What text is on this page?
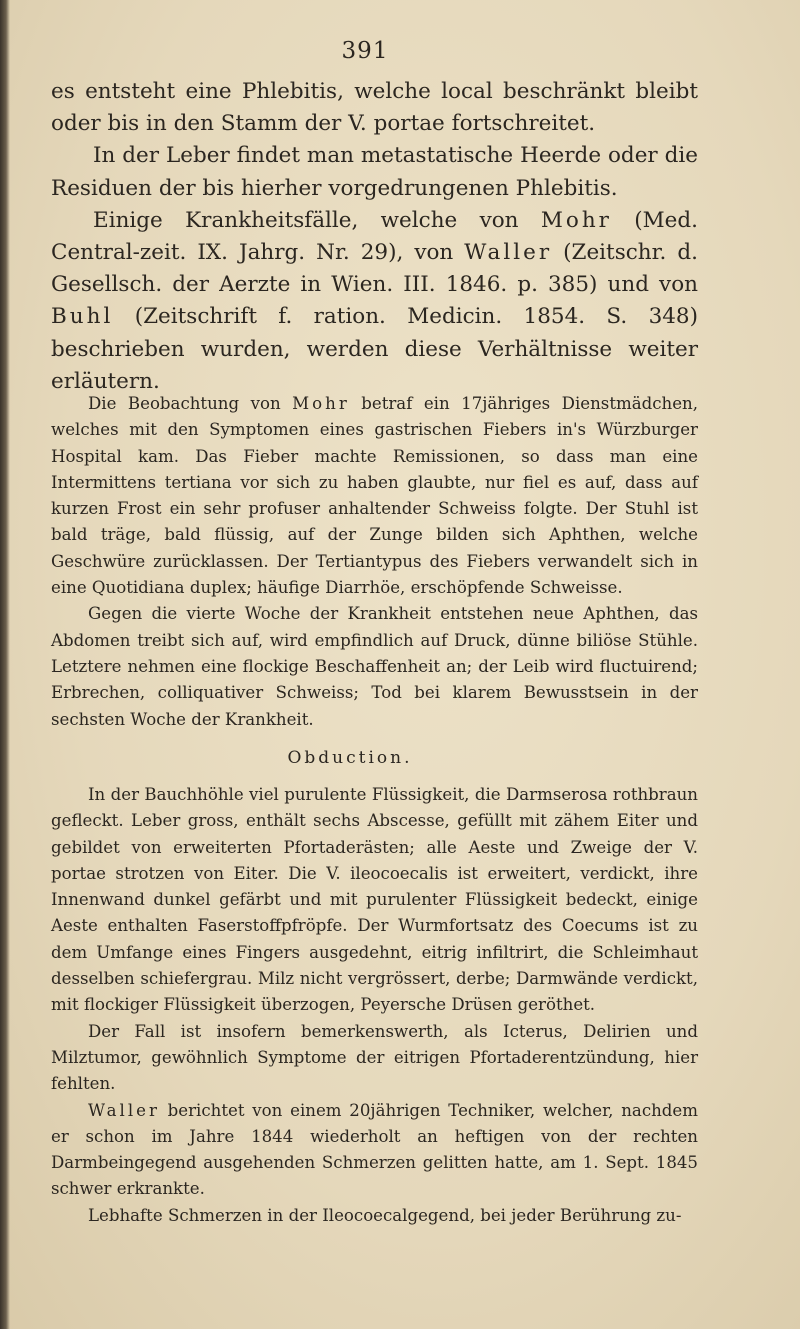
391

es entsteht eine Phlebitis, welche local beschränkt bleibt oder bis in den Stamm der V. portae fortschreitet.

In der Leber findet man metastatische Heerde oder die Residuen der bis hierher vorgedrungenen Phlebitis.

Einige Krankheitsfälle, welche von Mohr (Med. Central-zeit. IX. Jahrg. Nr. 29), von Waller (Zeitschr. d. Gesellsch. der Aerzte in Wien. III. 1846. p. 385) und von Buhl (Zeitschrift f. ration. Medicin. 1854. S. 348) beschrieben wurden, werden diese Verhältnisse weiter erläutern.

Die Beobachtung von Mohr betraf ein 17jähriges Dienstmädchen, welches mit den Symptomen eines gastrischen Fiebers in's Würzburger Hospital kam. Das Fieber machte Remissionen, so dass man eine Intermittens tertiana vor sich zu haben glaubte, nur fiel es auf, dass auf kurzen Frost ein sehr profuser anhaltender Schweiss folgte. Der Stuhl ist bald träge, bald flüssig, auf der Zunge bilden sich Aphthen, welche Geschwüre zurücklassen. Der Tertiantypus des Fiebers verwandelt sich in eine Quotidiana duplex; häufige Diarrhöe, erschöpfende Schweisse.

Gegen die vierte Woche der Krankheit entstehen neue Aphthen, das Abdomen treibt sich auf, wird empfindlich auf Druck, dünne biliöse Stühle. Letztere nehmen eine flockige Beschaffenheit an; der Leib wird fluctuirend; Erbrechen, colliquativer Schweiss; Tod bei klarem Bewusstsein in der sechsten Woche der Krankheit.

Obduction.

In der Bauchhöhle viel purulente Flüssigkeit, die Darmserosa rothbraun gefleckt. Leber gross, enthält sechs Abscesse, gefüllt mit zähem Eiter und gebildet von erweiterten Pfortaderästen; alle Aeste und Zweige der V. portae strotzen von Eiter. Die V. ileocoecalis ist erweitert, verdickt, ihre Innenwand dunkel gefärbt und mit purulenter Flüssigkeit bedeckt, einige Aeste enthalten Faserstoffpfröpfe. Der Wurmfortsatz des Coecums ist zu dem Umfange eines Fingers ausgedehnt, eitrig infiltrirt, die Schleimhaut desselben schiefergrau. Milz nicht vergrössert, derbe; Darmwände verdickt, mit flockiger Flüssigkeit überzogen, Peyersche Drüsen geröthet.

Der Fall ist insofern bemerkenswerth, als Icterus, Delirien und Milztumor, gewöhnlich Symptome der eitrigen Pfortaderentzündung, hier fehlten.

Waller berichtet von einem 20jährigen Techniker, welcher, nachdem er schon im Jahre 1844 wiederholt an heftigen von der rechten Darmbeingegend ausgehenden Schmerzen gelitten hatte, am 1. Sept. 1845 schwer erkrankte.

Lebhafte Schmerzen in der Ileocoecalgegend, bei jeder Berührung zu-
